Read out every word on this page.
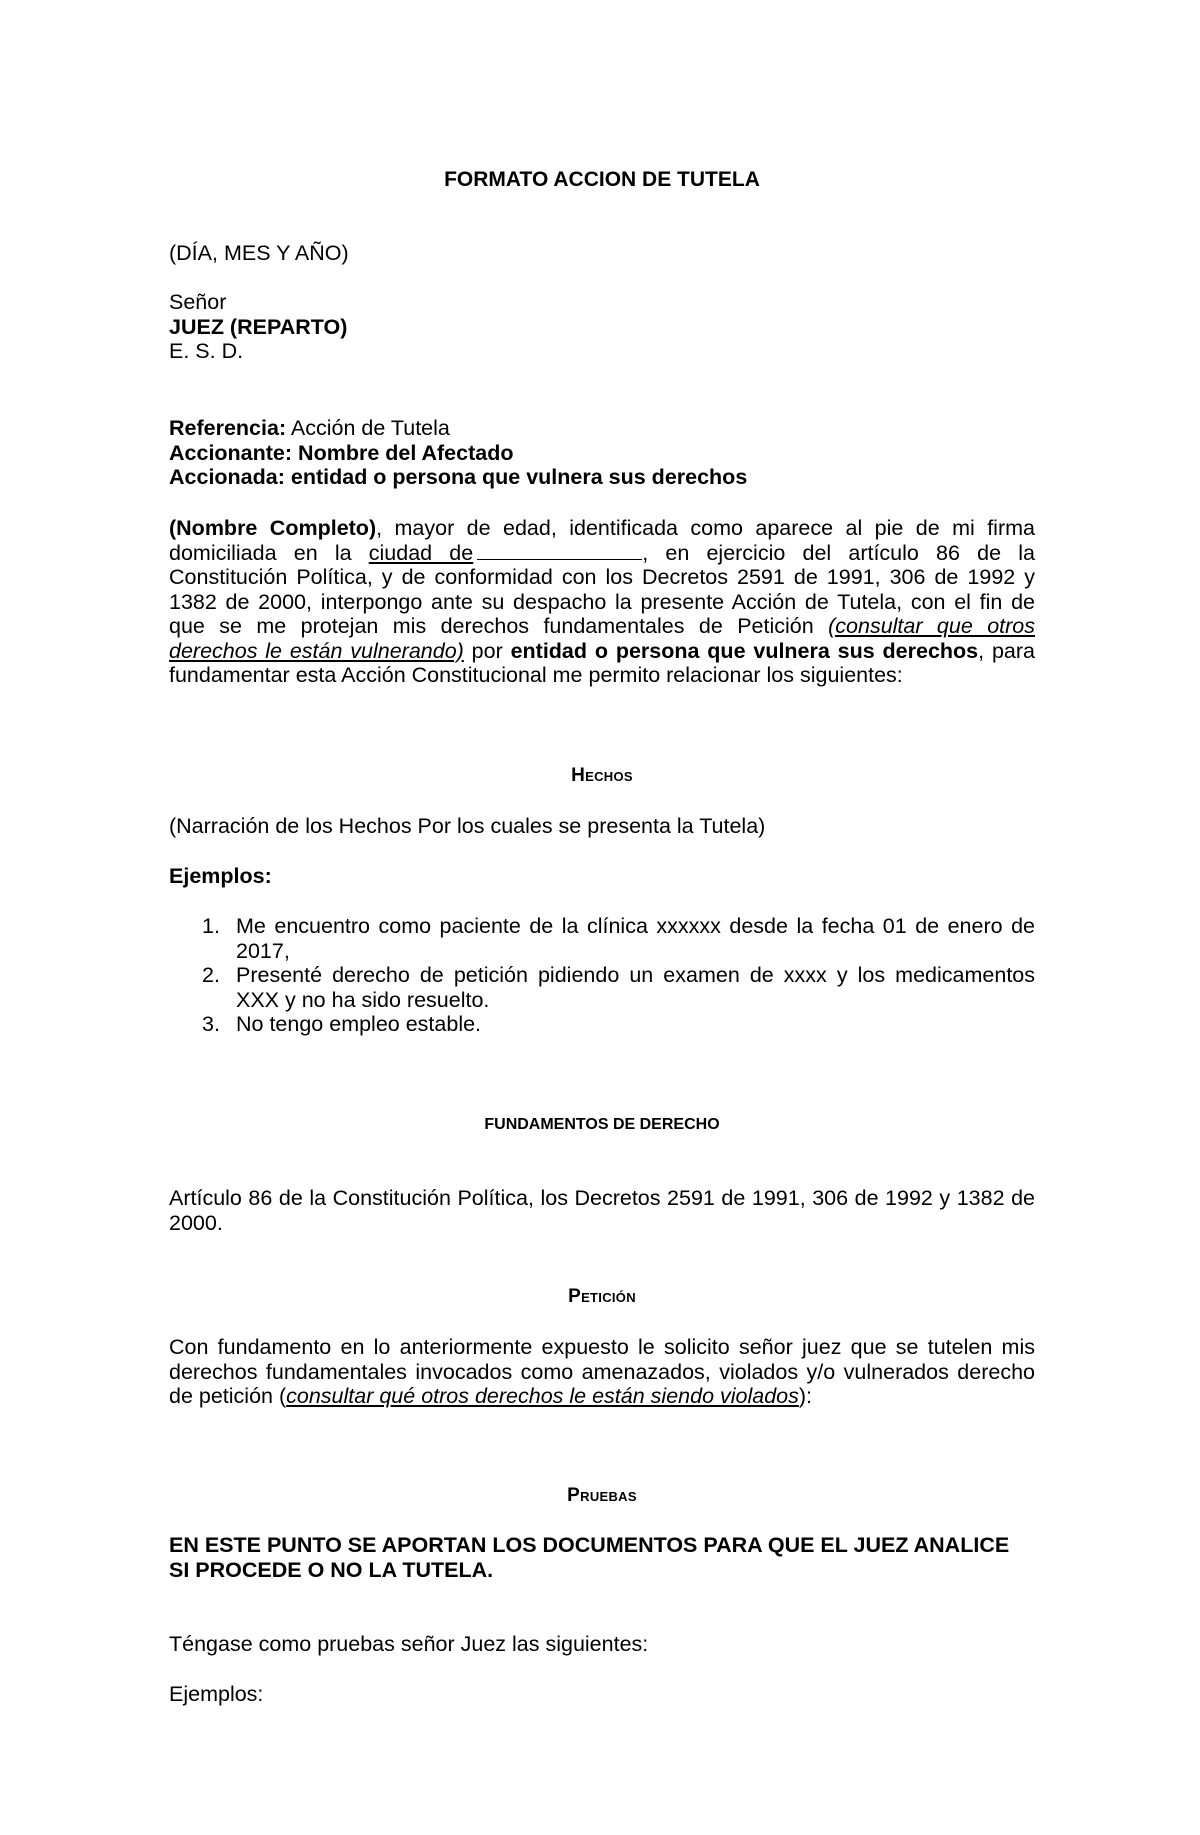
FORMATO ACCION DE TUTELA
(DÍA, MES Y AÑO)
Señor
JUEZ (REPARTO)
E. S. D.
Referencia: Acción de Tutela
Accionante: Nombre del Afectado
Accionada: entidad o persona que vulnera sus derechos

(Nombre Completo), mayor de edad, identificada como aparece al pie de mi firma domiciliada en la ciudad de	, en ejercicio del artículo 86 de la Constitución Política, y de conformidad con los Decretos 2591 de 1991, 306 de 1992 y 1382 de 2000, interpongo ante su despacho la presente Acción de Tutela, con el fin de que se me protejan mis derechos fundamentales de Petición (consultar que otros derechos le están vulnerando) por entidad o persona que vulnera sus derechos, para fundamentar esta Acción Constitucional me permito relacionar los siguientes:

Hechos
(Narración de los Hechos Por los cuales se presenta la Tutela)
Ejemplos:
1. Me encuentro como paciente de la clínica xxxxxx desde la fecha 01 de enero de 2017,
2. Presenté derecho de petición pidiendo un examen de xxxx y los medicamentos XXX y no ha sido resuelto.
3. No tengo empleo estable.
FUNDAMENTOS DE DERECHO

Artículo 86 de la Constitución Política, los Decretos 2591 de 1991, 306 de 1992 y 1382 de 2000.

Petición

Con fundamento en lo anteriormente expuesto le solicito señor juez que se tutelen mis derechos fundamentales invocados como amenazados, violados y/o vulnerados derecho de petición (consultar qué otros derechos le están siendo violados):

Pruebas

EN ESTE PUNTO SE APORTAN LOS DOCUMENTOS PARA QUE EL JUEZ ANALICE SI PROCEDE O NO LA TUTELA.

Téngase como pruebas señor Juez las siguientes:
Ejemplos:
